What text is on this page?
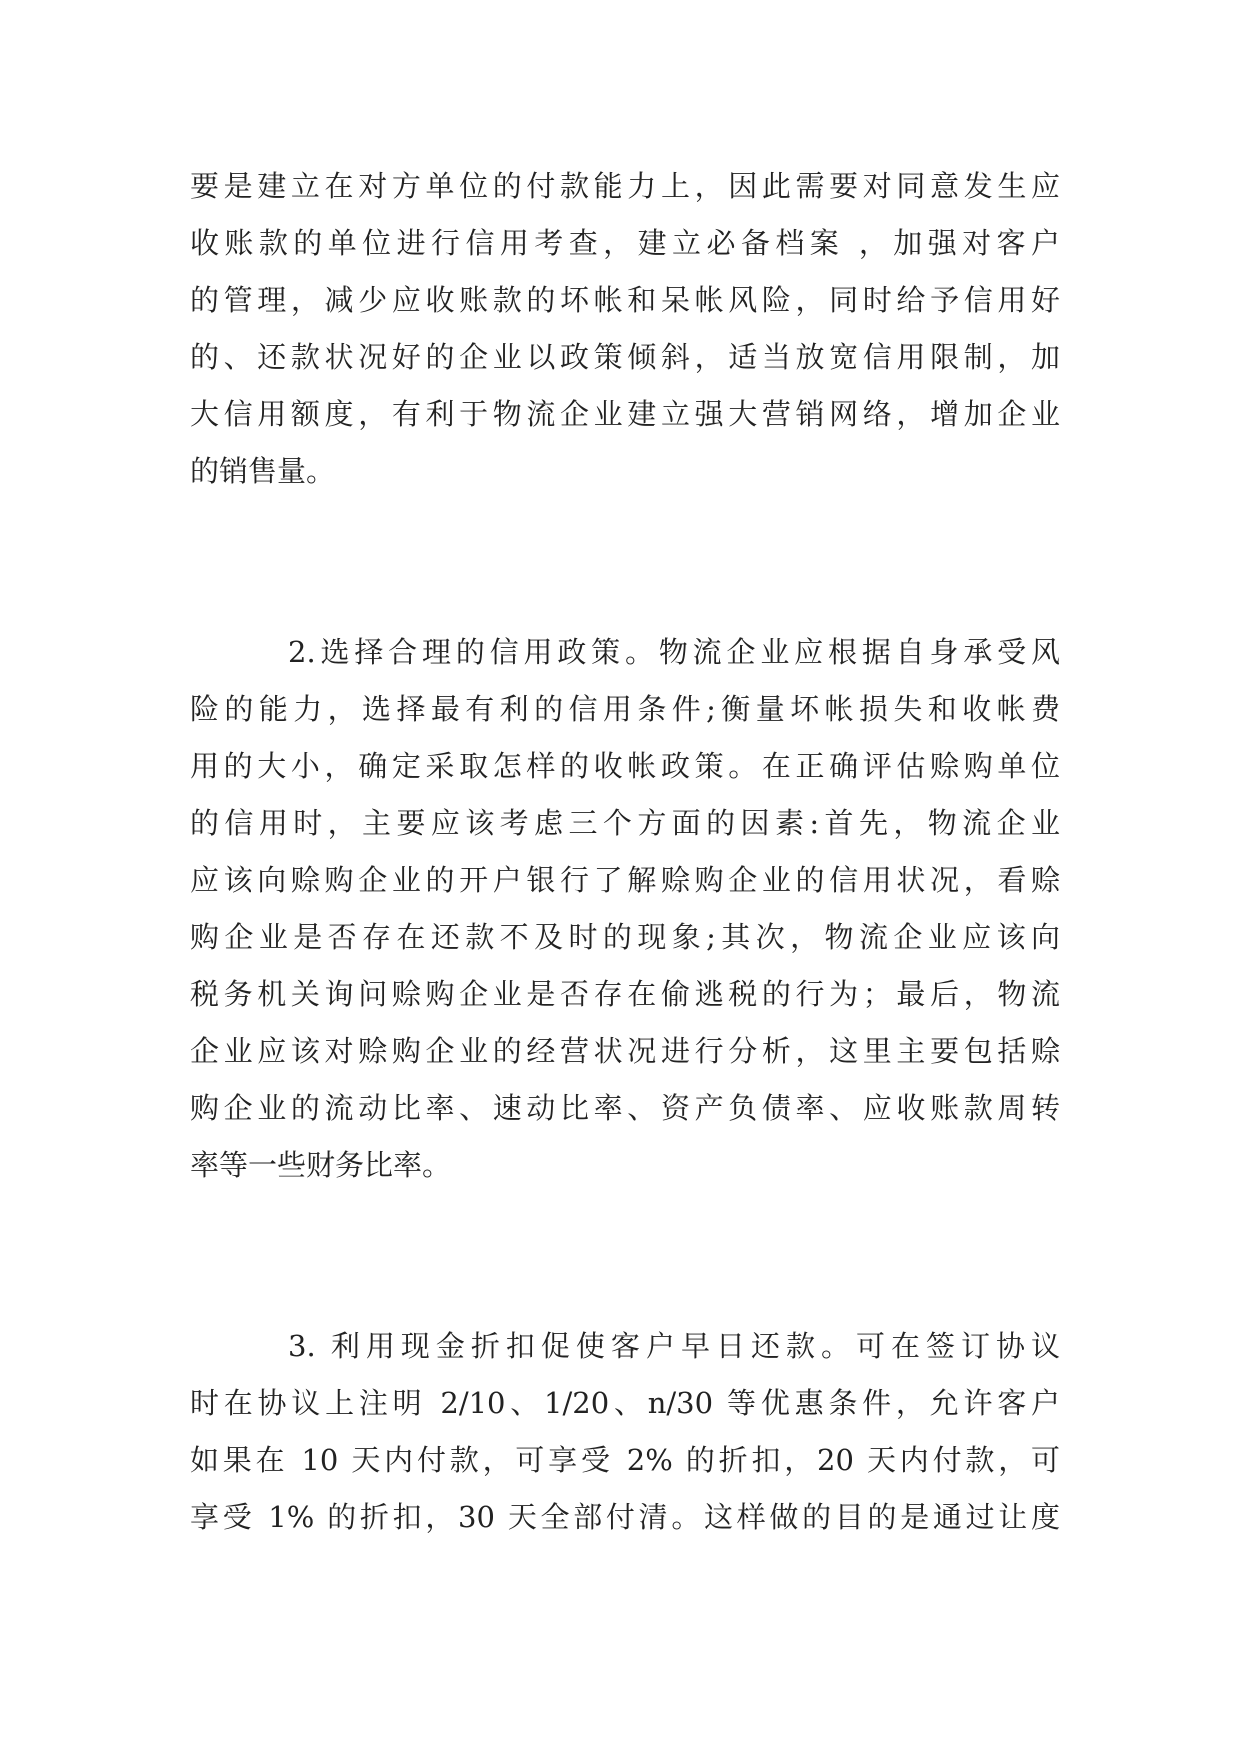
要是建立在对方单位的付款能力上，因此需要对同意发生应
收账款的单位进行信用考查，建立必备档案 ，加强对客户
的管理，减少应收账款的坏帐和呆帐风险，同时给予信用好
的、还款状况好的企业以政策倾斜，适当放宽信用限制，加
大信用额度，有利于物流企业建立强大营销网络，增加企业
的销售量。
2.选择合理的信用政策。物流企业应根据自身承受风
险的能力，选择最有利的信用条件;衡量坏帐损失和收帐费
用的大小，确定采取怎样的收帐政策。在正确评估赊购单位
的信用时，主要应该考虑三个方面的因素:首先，物流企业
应该向赊购企业的开户银行了解赊购企业的信用状况，看赊
购企业是否存在还款不及时的现象;其次，物流企业应该向
税务机关询问赊购企业是否存在偷逃税的行为；最后，物流
企业应该对赊购企业的经营状况进行分析，这里主要包括赊
购企业的流动比率、速动比率、资产负债率、应收账款周转
率等一些财务比率。
3. 利用现金折扣促使客户早日还款。可在签订协议
时在协议上注明 2/10、1/20、n/30 等优惠条件，允许客户
如果在 10 天内付款，可享受 2% 的折扣，20 天内付款，可
享受 1% 的折扣，30 天全部付清。这样做的目的是通过让度
